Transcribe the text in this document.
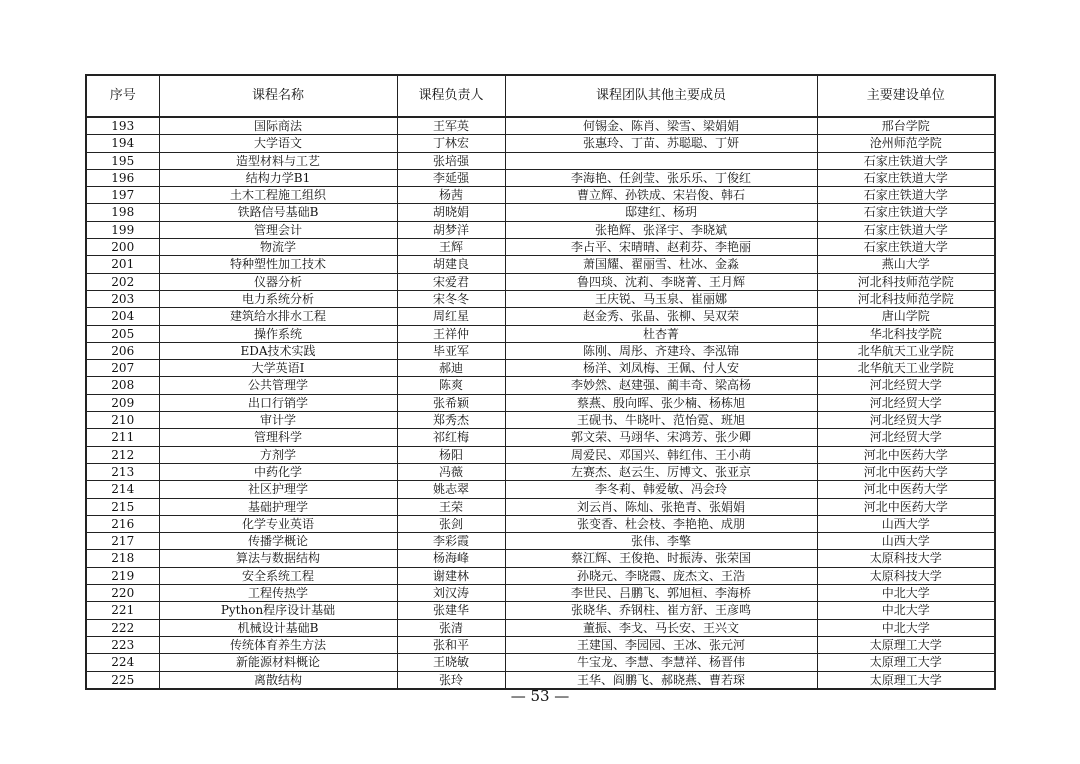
序号	课程名称	课程负责人	课程团队其他主要成员	主要建设单位
193	国际商法	王军英	何锡金、陈肖、梁雪、梁娟娟	邢台学院
194	大学语文	丁林宏	张惠玲、丁苗、苏聪聪、丁妍	沧州师范学院
195	造型材料与工艺	张培强		石家庄铁道大学
196	结构力学B1	李延强	李海艳、任剑莹、张乐乐、丁俊红	石家庄铁道大学
197	土木工程施工组织	杨茜	曹立辉、孙铁成、宋岩俊、韩石	石家庄铁道大学
198	铁路信号基础B	胡晓娟	邸建红、杨玥	石家庄铁道大学
199	管理会计	胡梦洋	张艳辉、张泽宇、李晓斌	石家庄铁道大学
200	物流学	王辉	李占平、宋晴晴、赵莉芬、李艳丽	石家庄铁道大学
201	特种塑性加工技术	胡建良	萧国耀、翟丽雪、杜冰、金淼	燕山大学
202	仪器分析	宋爱君	鲁四琰、沈莉、李晓菁、王月辉	河北科技师范学院
203	电力系统分析	宋冬冬	王庆锐、马玉泉、崔丽娜	河北科技师范学院
204	建筑给水排水工程	周红星	赵金秀、张晶、张柳、吴双荣	唐山学院
205	操作系统	王祥仲	杜杏菁	华北科技学院
206	EDA技术实践	毕亚军	陈刚、周彤、齐建玲、李泓锦	北华航天工业学院
207	大学英语I	郝迪	杨洋、刘凤梅、王佩、付人安	北华航天工业学院
208	公共管理学	陈爽	李妙然、赵建强、蔺丰奇、梁高杨	河北经贸大学
209	出口行销学	张希颖	蔡燕、殷向晖、张少楠、杨栋旭	河北经贸大学
210	审计学	郑秀杰	王砚书、牛晓叶、范怡霓、班旭	河北经贸大学
211	管理科学	祁红梅	郭文荣、马翊华、宋鸿芳、张少卿	河北经贸大学
212	方剂学	杨阳	周爱民、邓国兴、韩红伟、王小萌	河北中医药大学
213	中药化学	冯薇	左赛杰、赵云生、厉博文、张亚京	河北中医药大学
214	社区护理学	姚志翠	李冬莉、韩爱敏、冯会玲	河北中医药大学
215	基础护理学	王荣	刘云肖、陈灿、张艳青、张娟娟	河北中医药大学
216	化学专业英语	张剑	张变香、杜会枝、李艳艳、成朋	山西大学
217	传播学概论	李彩霞	张伟、李擎	山西大学
218	算法与数据结构	杨海峰	蔡江辉、王俊艳、时振涛、张荣国	太原科技大学
219	安全系统工程	谢建林	孙晓元、李晓霞、庞杰文、王浩	太原科技大学
220	工程传热学	刘汉涛	李世民、吕鹏飞、郭旭桓、李海桥	中北大学
221	Python程序设计基础	张建华	张晓华、乔钢柱、崔方舒、王彦鸣	中北大学
222	机械设计基础B	张清	董振、李戈、马长安、王兴文	中北大学
223	传统体育养生方法	张和平	王建国、李园园、王冰、张元河	太原理工大学
224	新能源材料概论	王晓敏	牛宝龙、李慧、李慧祥、杨晋伟	太原理工大学
225	离散结构	张玲	王华、阎鹏飞、郝晓燕、曹若琛	太原理工大学
— 53 —
